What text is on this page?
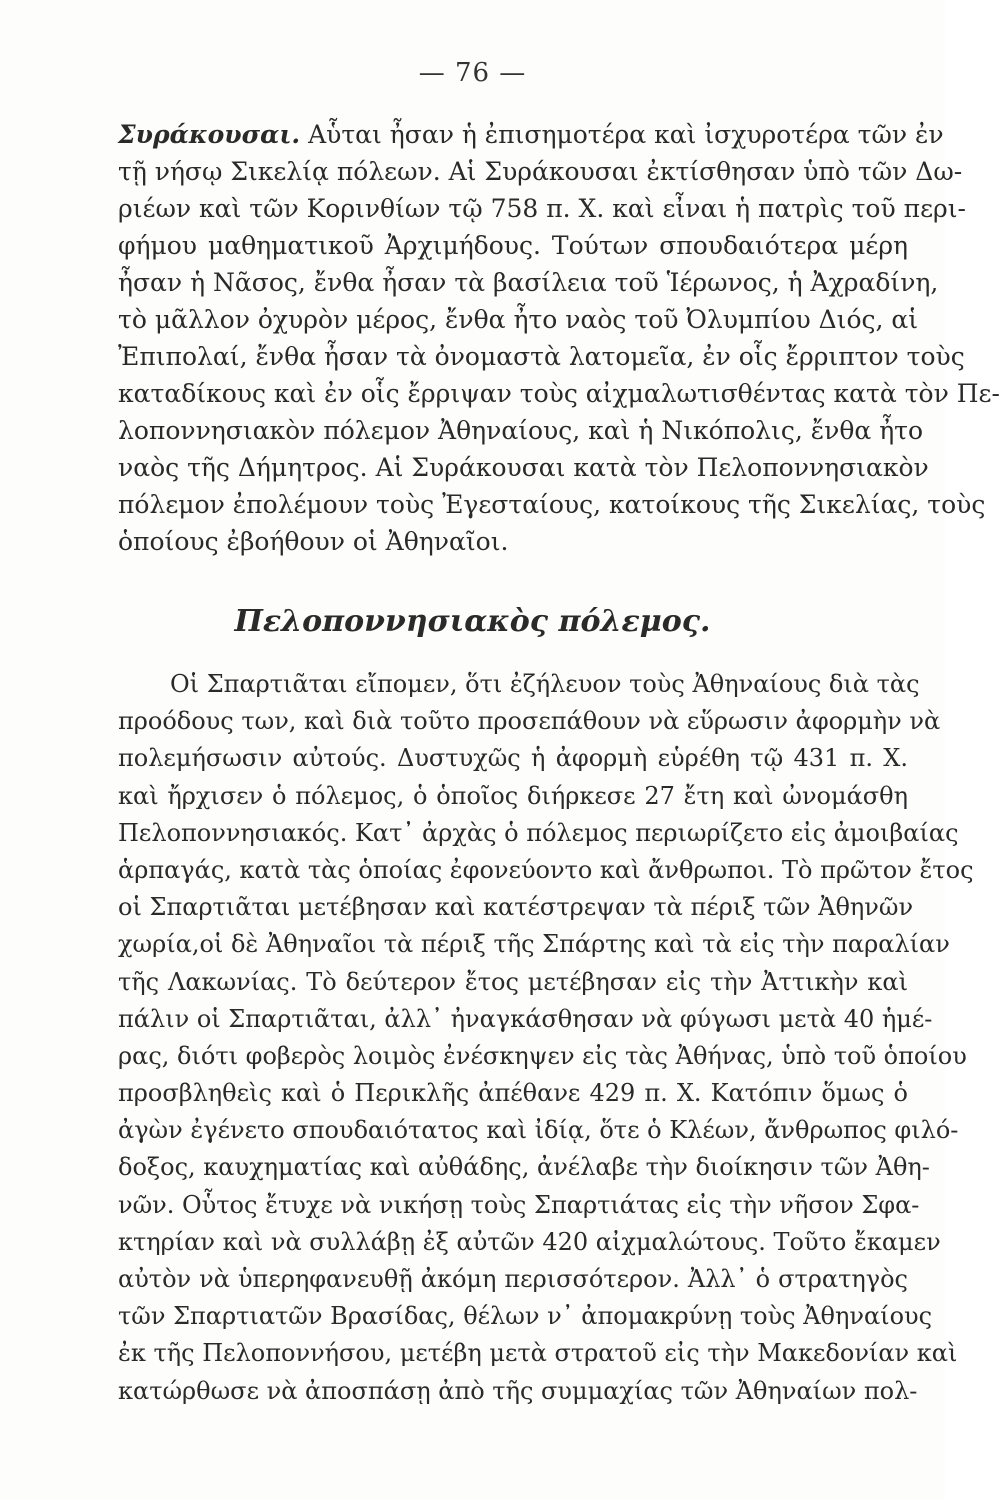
— 76 —
Συράκουσαι. Αὗται ἦσαν ἡ ἐπισημοτέρα καὶ ἰσχυροτέρα τῶν ἐν
τῇ νήσῳ Σικελίᾳ πόλεων. Αἱ Συράκουσαι ἐκτίσθησαν ὑπὸ τῶν Δω-
ριέων καὶ τῶν Κορινθίων τῷ 758 π. Χ. καὶ εἶναι ἡ πατρὶς τοῦ περι-
φήμου μαθηματικοῦ Ἀρχιμήδους. Τούτων σπουδαιότερα μέρη
ἦσαν ἡ Νᾶσος, ἔνθα ἦσαν τὰ βασίλεια τοῦ Ἱέρωνος, ἡ Ἀχραδίνη,
τὸ μᾶλλον ὀχυρὸν μέρος, ἔνθα ἦτο ναὸς τοῦ Ὀλυμπίου Διός, αἱ
Ἐπιπολαί, ἔνθα ἦσαν τὰ ὀνομαστὰ λατομεῖα, ἐν οἷς ἔρριπτον τοὺς
καταδίκους καὶ ἐν οἷς ἔρριψαν τοὺς αἰχμαλωτισθέντας κατὰ τὸν Πε-
λοποννησιακὸν πόλεμον Ἀθηναίους, καὶ ἡ Νικόπολις, ἔνθα ἦτο
ναὸς τῆς Δήμητρος. Αἱ Συράκουσαι κατὰ τὸν Πελοποννησιακὸν
πόλεμον ἐπολέμουν τοὺς Ἐγεσταίους, κατοίκους τῆς Σικελίας, τοὺς
ὁποίους ἐβοήθουν οἱ Ἀθηναῖοι.
Πελοποννησιακὸς πόλεμος.
Οἱ Σπαρτιᾶται εἴπομεν, ὅτι ἐζήλευον τοὺς Ἀθηναίους διὰ τὰς
προόδους των, καὶ διὰ τοῦτο προσεπάθουν νὰ εὕρωσιν ἀφορμὴν νὰ
πολεμήσωσιν αὐτούς. Δυστυχῶς ἡ ἀφορμὴ εὑρέθη τῷ 431 π. Χ.
καὶ ἤρχισεν ὁ πόλεμος, ὁ ὁποῖος διήρκεσε 27 ἔτη καὶ ὠνομάσθη
Πελοποννησιακός. Κατ᾽ ἀρχὰς ὁ πόλεμος περιωρίζετο εἰς ἀμοιβαίας
ἁρπαγάς, κατὰ τὰς ὁποίας ἐφονεύοντο καὶ ἄνθρωποι. Τὸ πρῶτον ἔτος
οἱ Σπαρτιᾶται μετέβησαν καὶ κατέστρεψαν τὰ πέριξ τῶν Ἀθηνῶν
χωρία,οἱ δὲ Ἀθηναῖοι τὰ πέριξ τῆς Σπάρτης καὶ τὰ εἰς τὴν παραλίαν
τῆς Λακωνίας. Τὸ δεύτερον ἔτος μετέβησαν εἰς τὴν Ἀττικὴν καὶ
πάλιν οἱ Σπαρτιᾶται, ἀλλ᾽ ἠναγκάσθησαν νὰ φύγωσι μετὰ 40 ἡμέ-
ρας, διότι φοβερὸς λοιμὸς ἐνέσκηψεν εἰς τὰς Ἀθήνας, ὑπὸ τοῦ ὁποίου
προσβληθεὶς καὶ ὁ Περικλῆς ἀπέθανε 429 π. Χ. Κατόπιν ὅμως ὁ
ἀγὼν ἐγένετο σπουδαιότατος καὶ ἰδίᾳ, ὅτε ὁ Κλέων, ἄνθρωπος φιλό-
δοξος, καυχηματίας καὶ αὐθάδης, ἀνέλαβε τὴν διοίκησιν τῶν Ἀθη-
νῶν. Οὗτος ἔτυχε νὰ νικήσῃ τοὺς Σπαρτιάτας εἰς τὴν νῆσον Σφα-
κτηρίαν καὶ νὰ συλλάβῃ ἐξ αὐτῶν 420 αἰχμαλώτους. Τοῦτο ἔκαμεν
αὐτὸν νὰ ὑπερηφανευθῇ ἀκόμη περισσότερον. Ἀλλ᾽ ὁ στρατηγὸς
τῶν Σπαρτιατῶν Βρασίδας, θέλων ν᾽ ἀπομακρύνῃ τοὺς Ἀθηναίους
ἐκ τῆς Πελοποννήσου, μετέβη μετὰ στρατοῦ εἰς τὴν Μακεδονίαν καὶ
κατώρθωσε νὰ ἀποσπάσῃ ἀπὸ τῆς συμμαχίας τῶν Ἀθηναίων πολ-
